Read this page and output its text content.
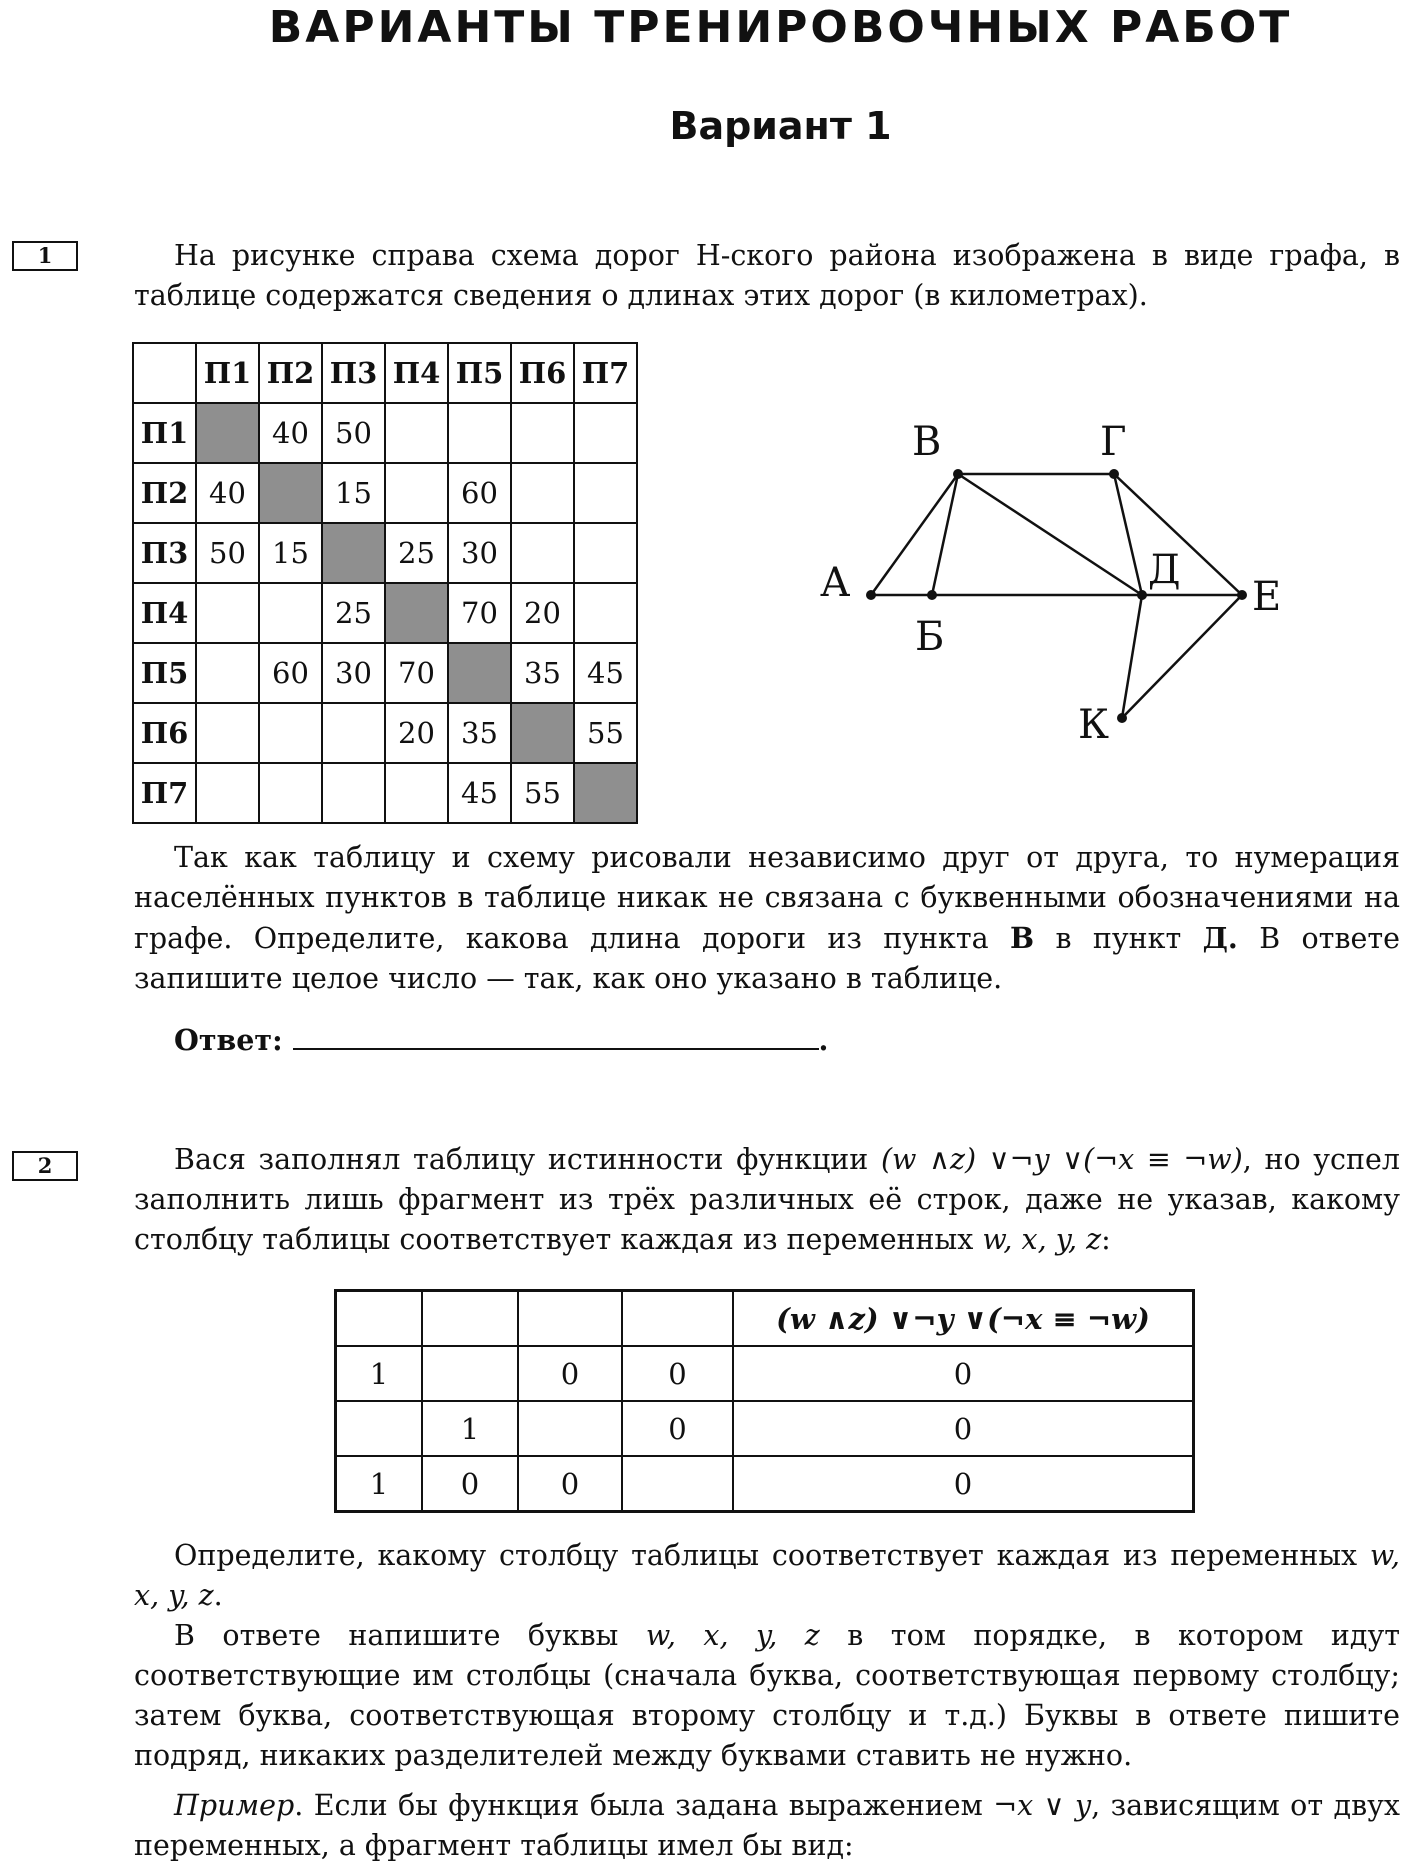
ВАРИАНТЫ ТРЕНИРОВОЧНЫХ РАБОТ
Вариант 1
1	На рисунке справа схема дорог Н-ского района изображена в виде графа, в таблице содержатся сведения о длинах этих дорог (в километрах).

	П1	П2	П3	П4	П5	П6	П7
П1		40	50				
П2	40		15		60		
П3	50	15		25	30		
П4			25		70	20	
П5		60	30	70		35	45
П6				20	35		55
П7					45	55	
А
Б
В	Г
Д
Е
К

Так как таблицу и схему рисовали независимо друг от друга, то нумерация населённых пунктов в таблице никак не связана с буквенными обозначениями на графе. Определите, какова длина дороги из пункта В в пункт Д. В ответе запишите целое число — так, как оно указано в таблице.

Ответ:	.
2	Вася заполнял таблицу истинности функции (w ∧z) ∨¬y ∨(¬x ≡ ¬w), но успел заполнить лишь фрагмент из трёх различных её строк, даже не указав, какому столбцу таблицы соответствует каждая из переменных w, x, y, z:

				(w ∧z) ∨¬y ∨(¬x ≡ ¬w)
1		0	0	0
	1		0	0
1	0	0		0

Определите, какому столбцу таблицы соответствует каждая из переменных w, x, y, z.

В ответе напишите буквы w, x, y, z в том порядке, в котором идут соответствующие им столбцы (сначала буква, соответствующая первому столбцу; затем буква, соответствующая второму столбцу и т.д.) Буквы в ответе пишите подряд, никаких разделителей между буквами ставить не нужно.

Пример. Если бы функция была задана выражением ¬x ∨ y, зависящим от двух переменных, а фрагмент таблицы имел бы вид:
